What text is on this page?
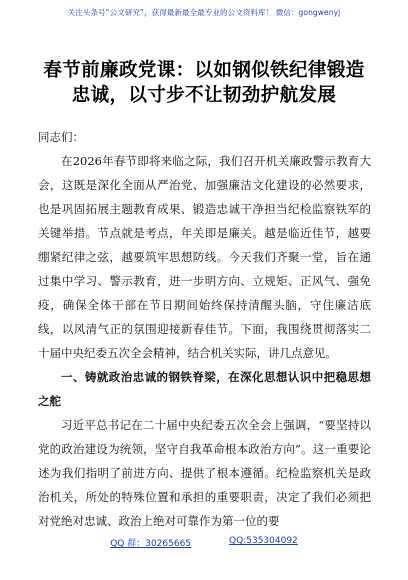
关注头条号“公文研究”，获得最新最全最专业的公文资料库！ 微信：gongwenyj
春节前廉政党课：以如钢似铁纪律锻造忠诚，以寸步不让韧劲护航发展

同志们：

在2026年春节即将来临之际，我们召开机关廉政警示教育大会，这既是深化全面从严治党、加强廉洁文化建设的必然要求，也是巩固拓展主题教育成果、锻造忠诚干净担当纪检监察铁军的关键举措。节点就是考点，年关即是廉关。越是临近佳节，越要绷紧纪律之弦，越要筑牢思想防线。今天我们齐聚一堂，旨在通过集中学习、警示教育，进一步明方向、立规矩、正风气、强免疫，确保全体干部在节日期间始终保持清醒头脑，守住廉洁底线，以风清气正的氛围迎接新春佳节。下面，我围绕贯彻落实二十届中央纪委五次全会精神，结合机关实际，讲几点意见。

一、铸就政治忠诚的钢铁脊梁，在深化思想认识中把稳思想之舵

习近平总书记在二十届中央纪委五次全会上强调，“要坚持以党的政治建设为统领，坚守自我革命根本政治方向”。这一重要论述为我们指明了前进方向、提供了根本遵循。纪检监察机关是政治机关，所处的特殊位置和承担的重要职责，决定了我们必须把对党绝对忠诚、政治上绝对可靠作为第一位的要

QQ 群：30265665	QQ:535304092
